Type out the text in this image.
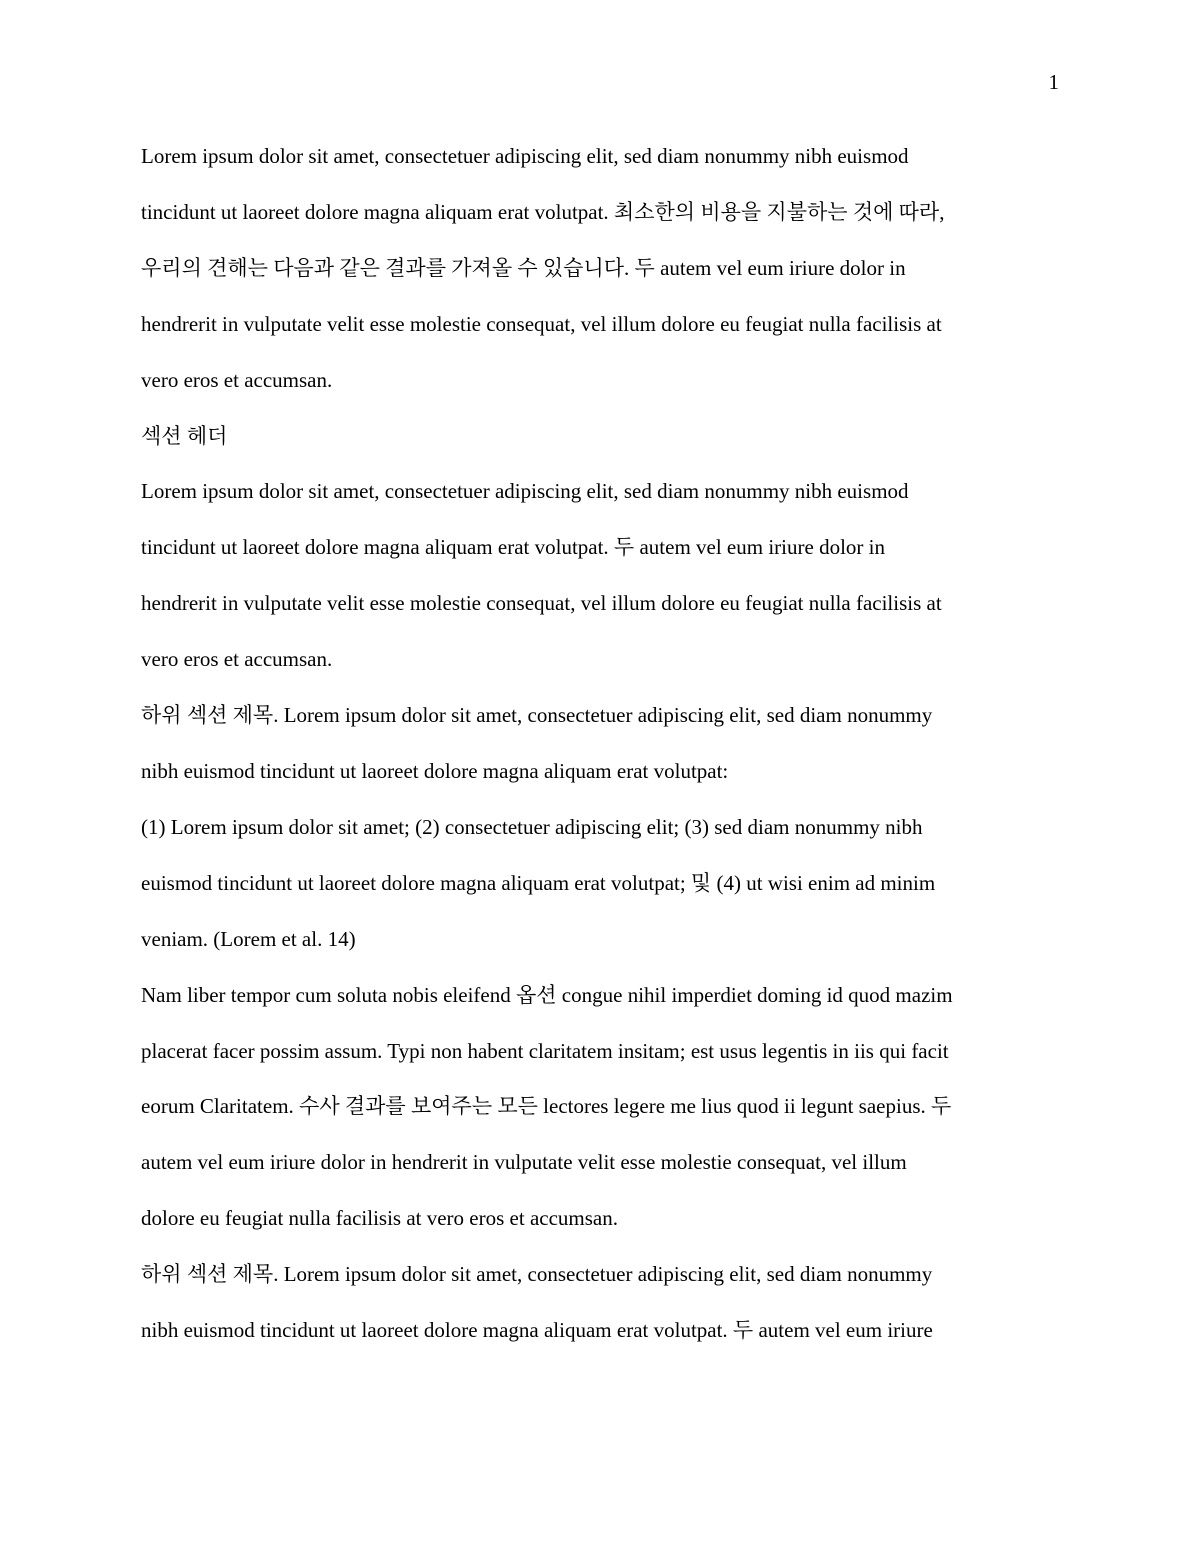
1

Lorem ipsum dolor sit amet, consectetuer adipiscing elit, sed diam nonummy nibh euismod
tincidunt ut laoreet dolore magna aliquam erat volutpat. 최소한의 비용을 지불하는 것에 따라,
우리의 견해는 다음과 같은 결과를 가져올 수 있습니다. 두 autem vel eum iriure dolor in
hendrerit in vulputate velit esse molestie consequat, vel illum dolore eu feugiat nulla facilisis at
vero eros et accumsan.

섹션 헤더

Lorem ipsum dolor sit amet, consectetuer adipiscing elit, sed diam nonummy nibh euismod
tincidunt ut laoreet dolore magna aliquam erat volutpat. 두 autem vel eum iriure dolor in
hendrerit in vulputate velit esse molestie consequat, vel illum dolore eu feugiat nulla facilisis at
vero eros et accumsan.

하위 섹션 제목. Lorem ipsum dolor sit amet, consectetuer adipiscing elit, sed diam nonummy
nibh euismod tincidunt ut laoreet dolore magna aliquam erat volutpat:

(1) Lorem ipsum dolor sit amet; (2) consectetuer adipiscing elit; (3) sed diam nonummy nibh
euismod tincidunt ut laoreet dolore magna aliquam erat volutpat; 및 (4) ut wisi enim ad minim
veniam. (Lorem et al. 14)

Nam liber tempor cum soluta nobis eleifend 옵션 congue nihil imperdiet doming id quod mazim
placerat facer possim assum. Typi non habent claritatem insitam; est usus legentis in iis qui facit
eorum Claritatem. 수사 결과를 보여주는 모든 lectores legere me lius quod ii legunt saepius. 두
autem vel eum iriure dolor in hendrerit in vulputate velit esse molestie consequat, vel illum
dolore eu feugiat nulla facilisis at vero eros et accumsan.

하위 섹션 제목. Lorem ipsum dolor sit amet, consectetuer adipiscing elit, sed diam nonummy
nibh euismod tincidunt ut laoreet dolore magna aliquam erat volutpat. 두 autem vel eum iriure
